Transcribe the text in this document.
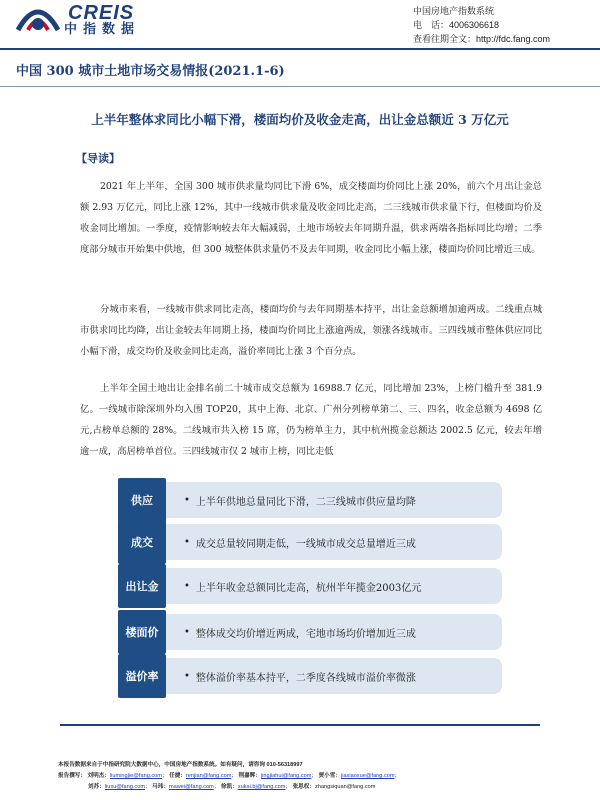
CREIS
中指数据
中国房地产指数系统
电　话：4006306618
查看往期全文：http://fdc.fang.com
中国 300 城市土地市场交易情报(2021.1-6)
上半年整体求同比小幅下滑，楼面均价及收金走高，出让金总额近 3 万亿元
【导读】
2021 年上半年，全国 300 城市供求量均同比下滑 6%，成交楼面均价同比上涨 20%，前六个月出让金总额 2.93 万亿元，同比上涨 12%，其中一线城市供求量及收金同比走高，二三线城市供求量下行，但楼面均价及收金同比增加。一季度，疫情影响较去年大幅减弱，土地市场较去年同期升温，供求两端各指标同比均增；二季度部分城市开始集中供地，但 300 城整体供求量仍不及去年同期，收金同比小幅上涨，楼面均价同比增近三成。
分城市来看，一线城市供求同比走高，楼面均价与去年同期基本持平，出让金总额增加逾两成。二线重点城市供求同比均降，出让金较去年同期上扬，楼面均价同比上涨逾两成，领涨各线城市。三四线城市整体供应同比小幅下滑，成交均价及收金同比走高，溢价率同比上涨 3 个百分点。
上半年全国土地出让金排名前二十城市成交总额为 16988.7 亿元，同比增加 23%，上榜门槛升至 381.9 亿。一线城市除深圳外均入围 TOP20，其中上海、北京、广州分列榜单第二、三、四名，收金总额为 4698 亿元,占榜单总额的 28%。二线城市共入榜 15 席，仍为榜单主力，其中杭州揽金总额达 2002.5 亿元，较去年增逾一成，高居榜单首位。三四线城市仅 2 城市上榜，同比走低
• 上半年供地总量同比下滑，二三线城市供应量均降
供应
• 成交总量较同期走低，一线城市成交总量增近三成
成交
• 上半年收金总额同比走高，杭州半年揽金2003亿元
出让金
• 整体成交均价增近两成，宅地市场均价增加近三成
楼面价
• 整体溢价率基本持平，二季度各线城市溢价率微涨
溢价率
本报告数据来自于中指研究院大数据中心，中国房地产指数系统。如有疑问，请咨询 010-56318997
报告撰写： 刘明杰：liumingjie@fang.com； 任捷：renjian@fang.com； 荆嘉辉：jingjiahui@fang.com； 贾小雪：jiaxiaoxue@fang.com；
刘苏：liusu@fang.com； 马玮：mawei@fang.com； 徐凯：xukai.bj@fang.com； 张思权：zhangsiquan@fang.com
